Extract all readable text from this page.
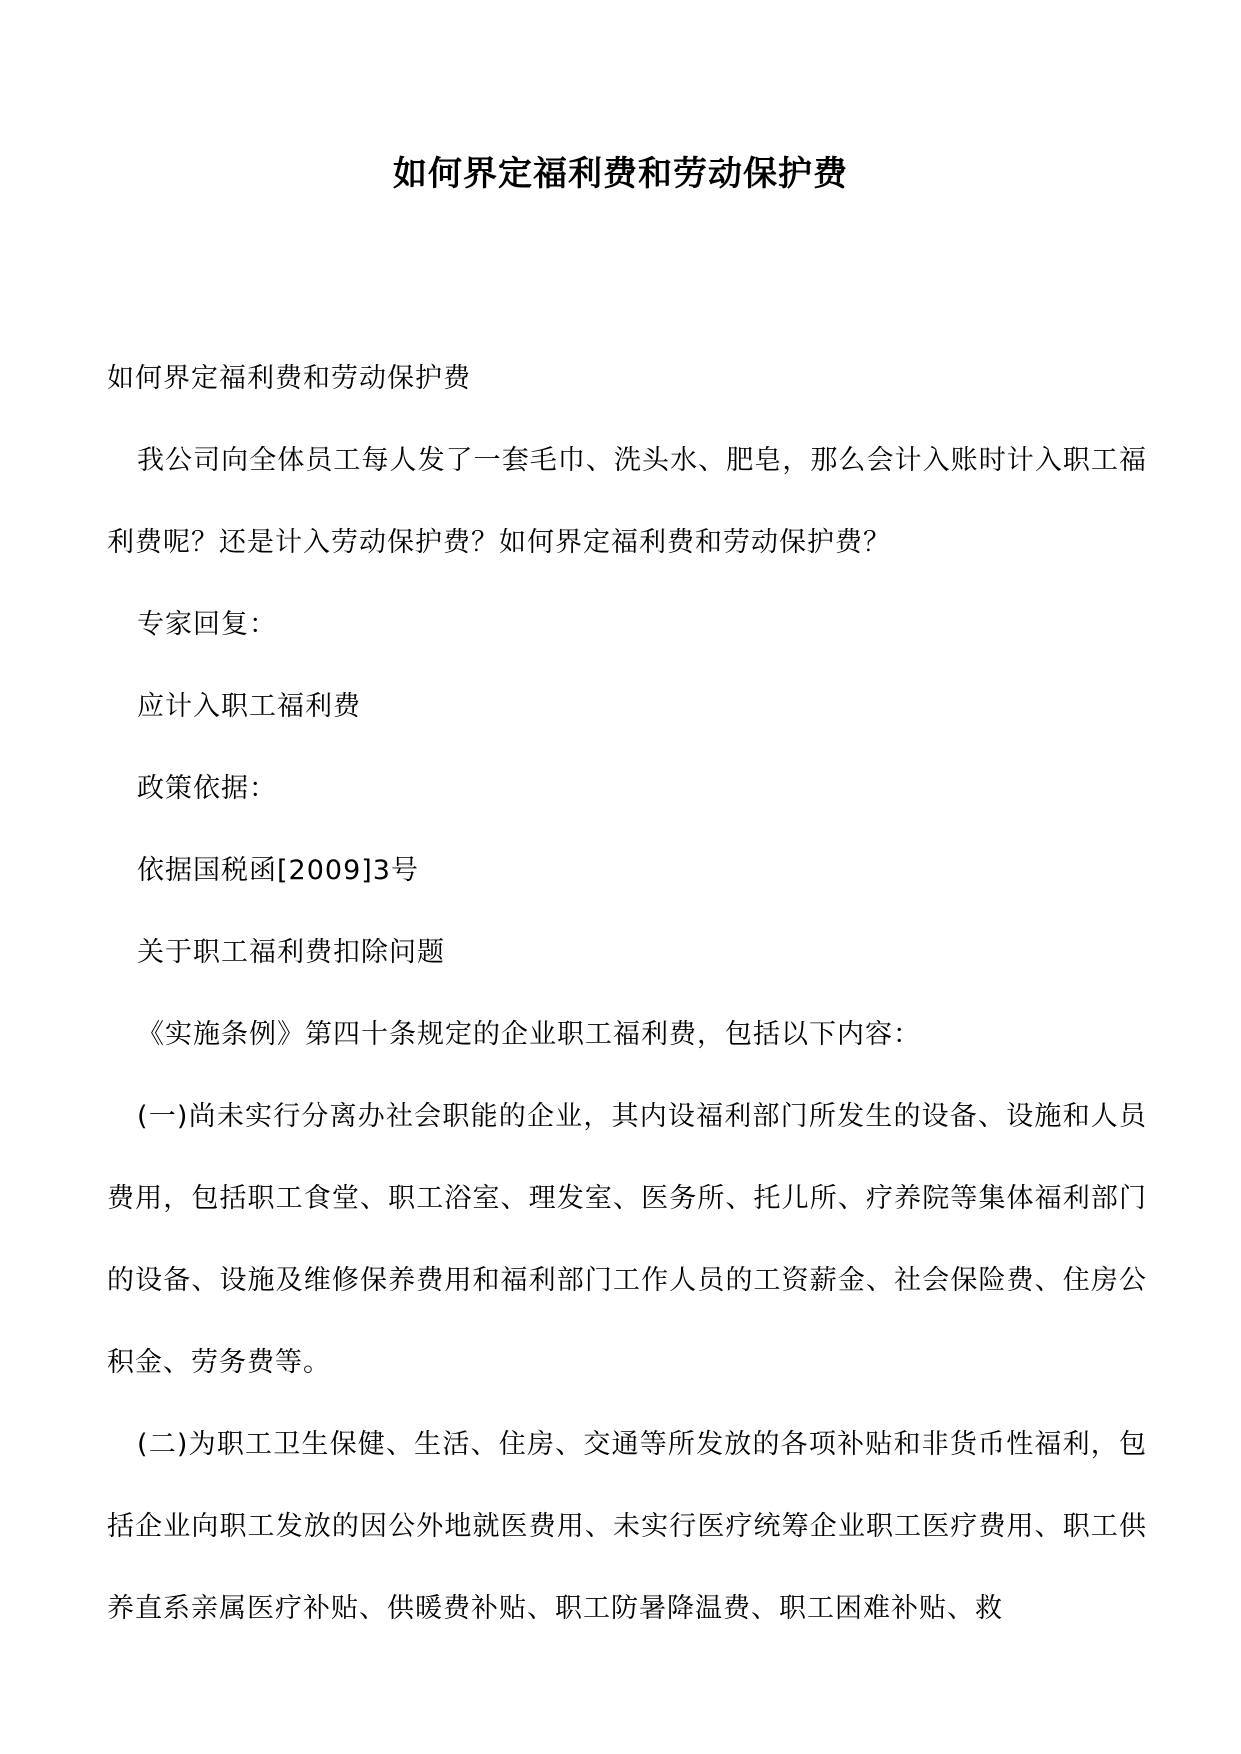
如何界定福利费和劳动保护费

如何界定福利费和劳动保护费

我公司向全体员工每人发了一套毛巾、洗头水、肥皂，那么会计入账时计入职工福利费呢？还是计入劳动保护费？如何界定福利费和劳动保护费？

专家回复：

应计入职工福利费

政策依据：

依据国税函[2009]3号

关于职工福利费扣除问题

《实施条例》第四十条规定的企业职工福利费，包括以下内容：

(一)尚未实行分离办社会职能的企业，其内设福利部门所发生的设备、设施和人员费用，包括职工食堂、职工浴室、理发室、医务所、托儿所、疗养院等集体福利部门的设备、设施及维修保养费用和福利部门工作人员的工资薪金、社会保险费、住房公积金、劳务费等。

(二)为职工卫生保健、生活、住房、交通等所发放的各项补贴和非货币性福利，包括企业向职工发放的因公外地就医费用、未实行医疗统筹企业职工医疗费用、职工供养直系亲属医疗补贴、供暖费补贴、职工防暑降温费、职工困难补贴、救
